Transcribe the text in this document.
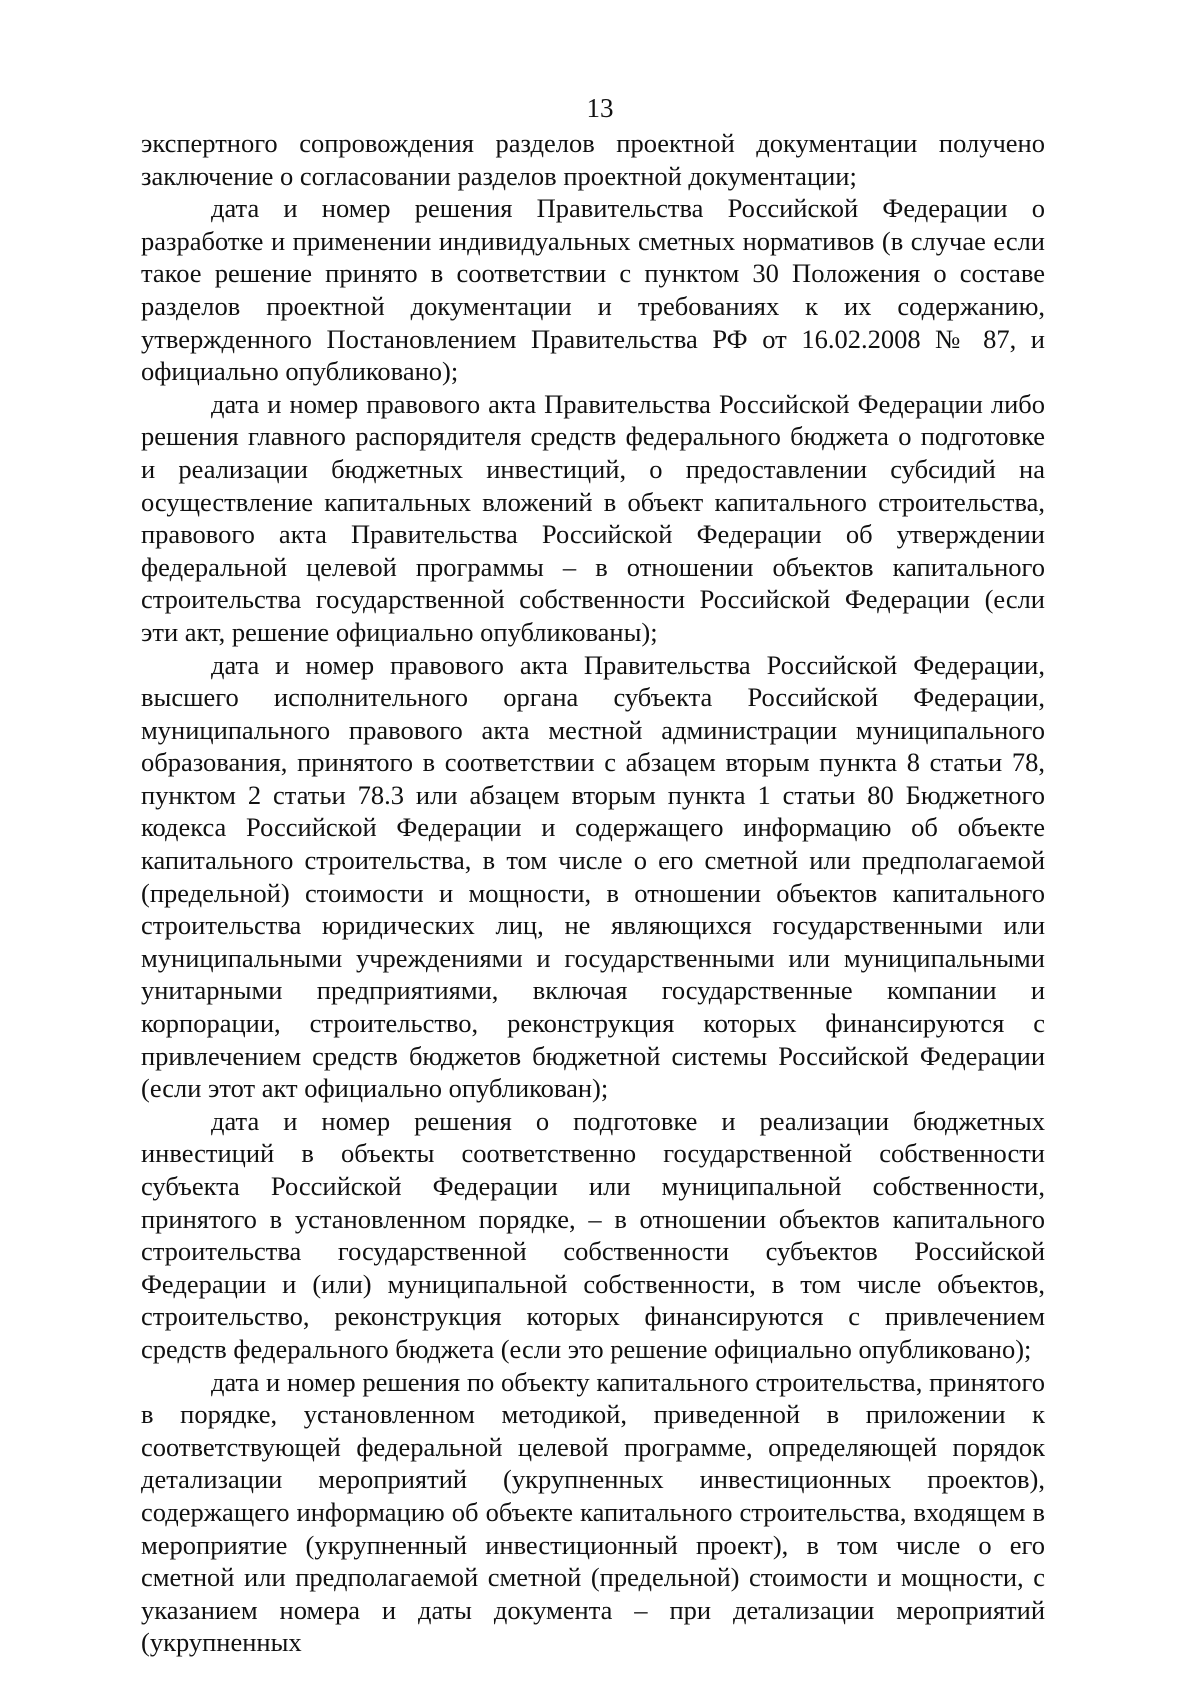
13

экспертного сопровождения разделов проектной документации получено заключение о согласовании разделов проектной документации;

дата и номер решения Правительства Российской Федерации о разработке и применении индивидуальных сметных нормативов (в случае если такое решение принято в соответствии с пунктом 30 Положения о составе разделов проектной документации и требованиях к их содержанию, утвержденного Постановлением Правительства РФ от 16.02.2008 № 87, и официально опубликовано);

дата и номер правового акта Правительства Российской Федерации либо решения главного распорядителя средств федерального бюджета о подготовке и реализации бюджетных инвестиций, о предоставлении субсидий на осуществление капитальных вложений в объект капитального строительства, правового акта Правительства Российской Федерации об утверждении федеральной целевой программы – в отношении объектов капитального строительства государственной собственности Российской Федерации (если эти акт, решение официально опубликованы);

дата и номер правового акта Правительства Российской Федерации, высшего исполнительного органа субъекта Российской Федерации, муниципального правового акта местной администрации муниципального образования, принятого в соответствии с абзацем вторым пункта 8 статьи 78, пунктом 2 статьи 78.3 или абзацем вторым пункта 1 статьи 80 Бюджетного кодекса Российской Федерации и содержащего информацию об объекте капитального строительства, в том числе о его сметной или предполагаемой (предельной) стоимости и мощности, в отношении объектов капитального строительства юридических лиц, не являющихся государственными или муниципальными учреждениями и государственными или муниципальными унитарными предприятиями, включая государственные компании и корпорации, строительство, реконструкция которых финансируются с привлечением средств бюджетов бюджетной системы Российской Федерации (если этот акт официально опубликован);

дата и номер решения о подготовке и реализации бюджетных инвестиций в объекты соответственно государственной собственности субъекта Российской Федерации или муниципальной собственности, принятого в установленном порядке, – в отношении объектов капитального строительства государственной собственности субъектов Российской Федерации и (или) муниципальной собственности, в том числе объектов, строительство, реконструкция которых финансируются с привлечением средств федерального бюджета (если это решение официально опубликовано);

дата и номер решения по объекту капитального строительства, принятого в порядке, установленном методикой, приведенной в приложении к соответствующей федеральной целевой программе, определяющей порядок детализации мероприятий (укрупненных инвестиционных проектов), содержащего информацию об объекте капитального строительства, входящем в мероприятие (укрупненный инвестиционный проект), в том числе о его сметной или предполагаемой сметной (предельной) стоимости и мощности, с указанием номера и даты документа – при детализации мероприятий (укрупненных
